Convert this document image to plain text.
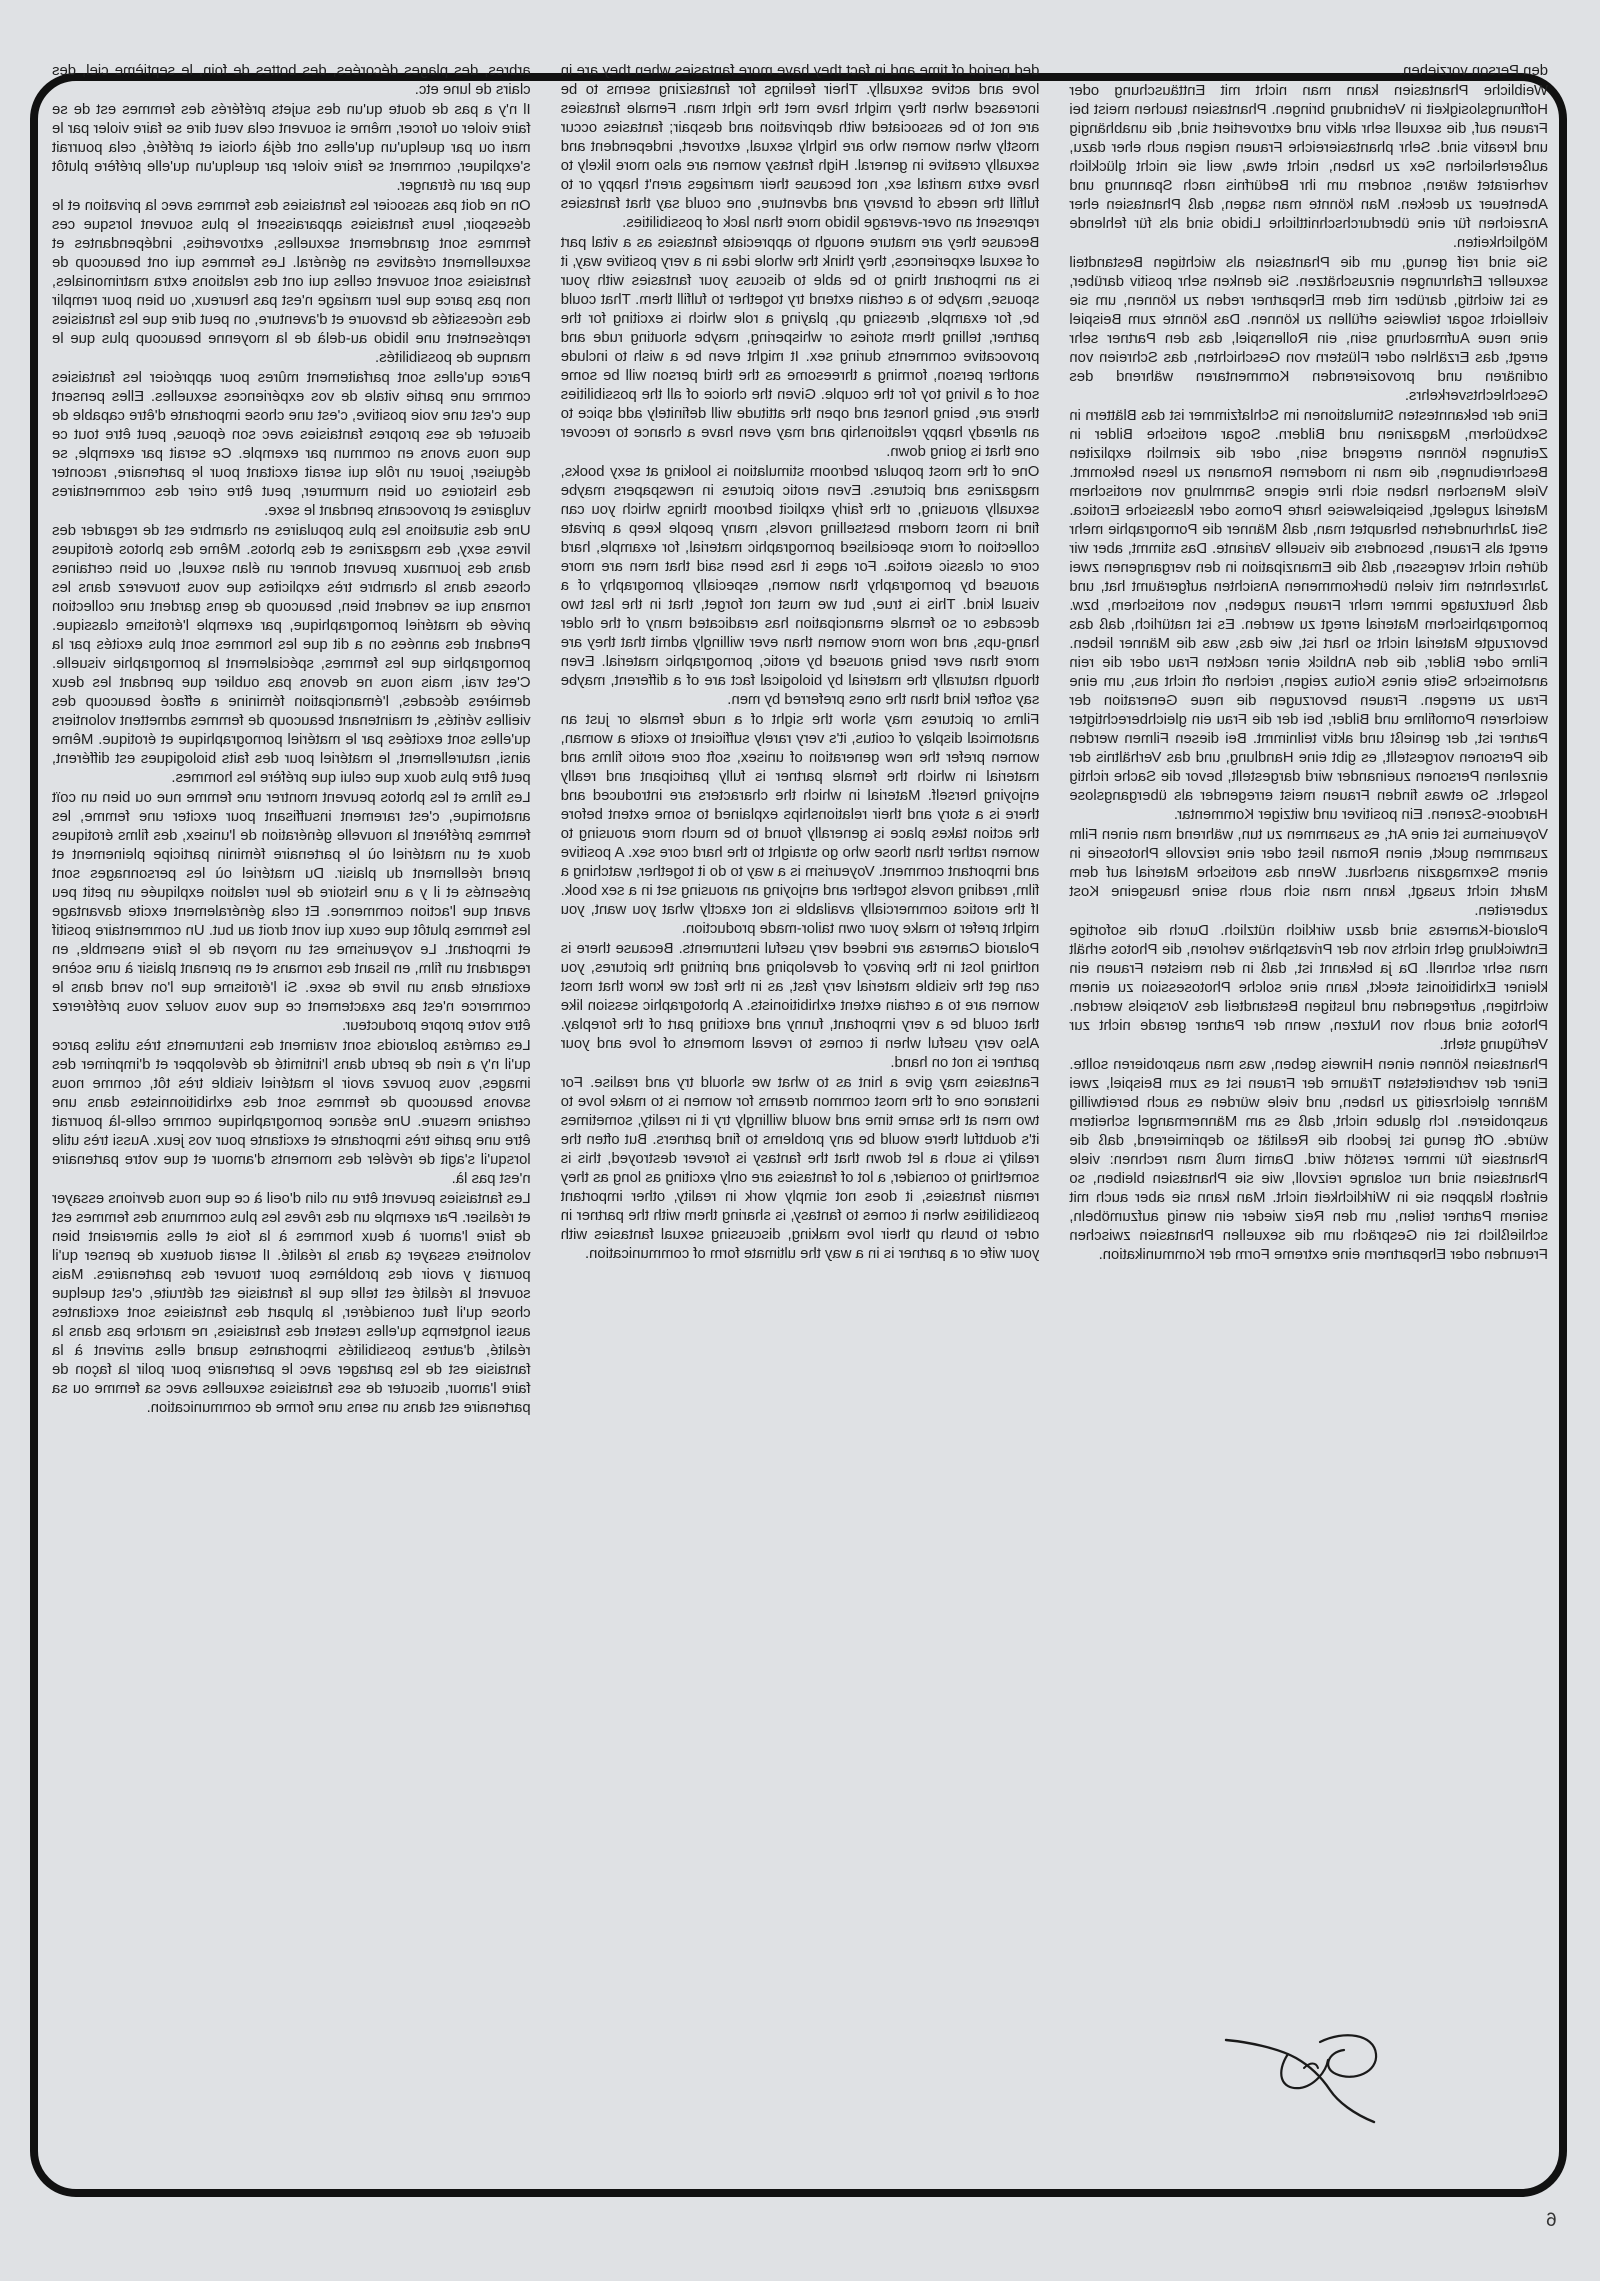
den Person vorziehen.

Weibliche Phantasien kann man nicht mit Enttäuschung oder Hoffnungslosigkeit in Verbindung bringen. Phantasien tauchen meist bei Frauen auf, die sexuell sehr aktiv und extrovertiert sind, die unabhängig und kreativ sind. Sehr phantasiereiche Frauen neigen auch eher dazu, außerehelichen Sex zu haben, nicht etwa, weil sie nicht glücklich verheiratet wären, sondern um ihr Bedürfnis nach Spannung und Abenteuer zu decken. Man könnte man sagen, daß Phantasien eher Anzeichen für eine überdurchschnittliche Libido sind als für fehlende Möglichkeiten.

Sie sind reif genug, um die Phantasien als wichtigen Bestandteil sexueller Erfahrungen einzuschätzen. Sie denken sehr positiv darüber, es ist wichtig, darüber mit dem Ehepartner reden zu können, um sie vielleicht sogar teilweise erfüllen zu können. Das könnte zum Beispiel eine neue Aufmachung sein, ein Rollenspiel, das den Partner sehr erregt, das Erzählen oder Flüstern von Geschichten, das Schreien von ordinären und provozierenden Kommentaren während des Geschlechtsverkehrs.

Eine der bekanntesten Stimulationen im Schlafzimmer ist das Blättern in Sexbüchern, Magazinen und Bildern. Sogar erotische Bilder in Zeitungen können erregend sein, oder die ziemlich expliziten Beschreibungen, die man in modernen Romanen zu lesen bekommt. Viele Menschen haben sich ihre eigene Sammlung von erotischem Material zugelegt, beispielsweise harte Pornos oder klassische Erotica. Seit Jahrhunderten behauptet man, daß Männer die Pornographie mehr erregt als Frauen, besonders die visuelle Variante. Das stimmt, aber wir dürfen nicht vergessen, daß die Emanzipation in den vergangenen zwei Jahrzehnten mit vielen überkommenen Ansichten aufgeräumt hat, und daß heutzutage immer mehr Frauen zugeben, von erotischem, bzw. pornographischem Material erregt zu werden. Es ist natürlich, daß das bevorzugte Material nicht so hart ist, wie das, was die Männer lieben. Filme oder Bilder, die den Anblick einer nackten Frau oder die rein anatomische Seite eines Koitus zeigen, reichen oft nicht aus, um eine Frau zu erregen. Frauen bevorzugen die neue Generation der weicheren Pornofilme und Bilder, bei der die Frau ein gleichberechtigter Partner ist, der genießt und aktiv teilnimmt. Bei diesen Filmen werden die Personen vorgestellt, es gibt eine Handlung, und das Verhältnis der einzelnen Personen zueinander wird dargestellt, bevor die Sache richtig losgeht. So etwas finden Frauen meist erregender als übergangslose Hardcore-Szenen. Ein positiver und witziger Kommentar.

Voyeurismus ist eine Art, es zusammen zu tun, während man einen Film zusammen guckt, einen Roman liest oder eine reizvolle Photoserie in einem Sexmagazin anschaut. Wenn das erotische Material auf dem Markt nicht zusagt, kann man sich auch seine hausgeine Kost zubereiten.

Polaroid-Kameras sind dazu wirklich nützlich. Durch die sofortige Entwicklung geht nichts von der Privatsphäre verloren, die Photos erhält man sehr schnell. Da ja bekannt ist, daß in den meisten Frauen ein kleiner Exhibitionist steckt, kann eine solche Photosession zu einem wichtigen, aufregenden und lustigen Bestandteil des Vorspiels werden. Photos sind auch von Nutzen, wenn der Partner gerade nicht zur Verfügung steht.

Phantasien können einen Hinweis geben, was man ausprobieren sollte. Einer der verbreitetsten Träume der Frauen ist es zum Beispiel, zwei Männer gleichzeitig zu haben, und viele würden es auch bereitwillig ausprobieren. Ich glaube nicht, daß es am Männermangel scheitern würde. Oft genug ist jedoch die Realität so deprimierend, daß die Phantasie für immer zerstört wird. Damit muß man rechnen: viele Phantasien sind nur solange reizvoll, wie sie Phantasien bleiben, so einfach klappen sie in Wirklichkeit nicht. Man kann sie aber auch mit seinem Partner teilen, um den Reiz wieder ein wenig aufzumöbeln, schließlich ist ein Gespräch um die sexuellen Phantasien zwischen Freunden oder Ehepartnern eine extreme Form der Kommunikation.

ded period of time and in fact they have more fantasies when they are in love and active sexually. Their feelings for fantasizing seems to be increased when they might have met the right man. Female fantasies are not to be associated with deprivation and despair; fantasies occur mostly when women who are highly sexual, extrovert, independent and sexually creative in general. High fantasy women are also more likely to have extra marital sex, not because their marriages aren't happy or to fulfill the needs of bravery and adventure, one could say that fantasies represent an over-average libido more than lack of possibilities.

Because they are mature enough to appreciate fantasies as a vital part of sexual experiences, they think the whole idea in a very positive way, it is an important thing to be able to discuss your fantasies with your spouse, maybe to a certain extend try together to fulfill them. That could be, for example, dressing up, playing a role which is exciting for the partner, telling them stories or whispering, maybe shouting rude and provocative comments during sex. It might even be a wish to include another person, forming a threesome as the third person will be some sort of a living toy for the couple. Given the choice of all the possibilities there are, being honest and open the attitude will definitely add spice to an already happy relationship and may even have a chance to recover one that is going down.

One of the most popular bedroom stimulation is looking at sexy books, magazines and pictures. Even erotic pictures in newspapers maybe sexually arousing, or the fairly explicit bedroom things which you can find in most modern bestselling novels, many people keep a private collection of more specialised pornographic material, for example, hard core or classic erotica. For ages it has been said that men are more aroused by pornography than women, especially pornography of a visual kind. This is true, but we must not forget, that in the last two decades or so female emancipation has eradicated many of the older hang-ups, and now more women than ever willingly admit that they are more than ever being aroused by erotic, pornographic material. Even though naturally the material by biological fact are of a different, maybe say softer kind than the ones preferred by men.

Films or pictures may show the sight of a nude female or just an anatomical display of coitus, it's very rarely sufficient to excite a woman, women prefer the new generation of unisex, soft core erotic films and material in which the female partner is fully participant and really enjoying herself. Material in which the characters are introduced and there is a story and their relationships explained to some extent before the action takes place is generally found to be much more arousing to women rather than those who go straight to the hard core sex. A positive and important comment. Voyeurism is a way to do it together, watching a film, reading novels together and enjoying an arousing set in a sex book. If the erotica commercially available is not exactly what you want, you might prefer to make your own tailor-made production.

Polaroid Cameras are indeed very useful instruments. Because there is nothing lost in the privacy of developing and printing the pictures, you can get the visible material very fast, as in the fact we know that most women are to a certain extent exhibitionists. A photographic session like that could be a very important, funny and exciting part of the foreplay. Also very useful when it comes to reveal moments of love and your partner is not on hand.

Fantasies may give a hint as to what we should try and realise. For instance one of the most common dreams for women is to make love to two men at the same time and would willingly try it in reality, sometimes it's doubtful there would be any problems to find partners. But often the reality is such a let down that the fantasy is forever destroyed, this is something to consider, a lot of fantasies are only exciting as long as they remain fantasies, it does not simply work in reality, other important possibilities when it comes to fantasy, is sharing them with the partner in order to brush up their love making, discussing sexual fantasies with your wife or a partner is in a way the ultimate form of communication.

arbres, des plages décorées, des bottes de foin, le septième ciel, des clairs de lune etc.

Il n'y a pas de doute qu'un des sujets préférés des femmes est de se faire violer ou forcer, même si souvent cela veut dire se faire violer par le mari ou par quelqu'un qu'elles ont déjà choisi et préféré, cela pourrait s'expliquer, comment se faire violer par quelqu'un qu'elle préfère plutôt que par un étranger.

On ne doit pas associer les fantaisies des femmes avec la privation et le désespoir, leurs fantaisies apparaissent le plus souvent lorsque ces femmes sont grandement sexuelles, extroverties, indépendantes et sexuellement créatives en général. Les femmes qui ont beaucoup de fantaisies sont souvent celles qui ont des relations extra matrimoniales, non pas parce que leur mariage n'est pas heureux, ou bien pour remplir des nécessités de bravoure et d'aventure, on peut dire que les fantaisies représentent une libido au-delà de la moyenne beaucoup plus que le manque de possibilités.

Parce qu'elles sont parfaitement mûres pour apprécier les fantaisies comme une partie vitale de vos expériences sexuelles. Elles pensent que c'est une voie positive, c'est une chose importante d'être capable de discuter de ses propres fantaisies avec son épouse, peut être tout ce que nous avons en commun par exemple. Ce serait par exemple, se déguiser, jouer un rôle qui serait excitant pour le partenaire, raconter des histoires ou bien murmurer, peut être crier des commentaires vulgaires et provocants pendant le sexe.

Une des situations les plus populaires en chambre est de regarder des livres sexy, des magazines et des photos. Même des photos érotiques dans des journaux peuvent donner un élan sexuel, ou bien certaines choses dans la chambre très explicites que vous trouverez dans les romans qui se vendent bien, beaucoup de gens gardent une collection privée de matériel pornographique, par exemple l'érotisme classique. Pendant des années on a dit que les hommes sont plus excités par la pornographie que les femmes, spécialement la pornographie visuelle. C'est vrai, mais nous ne devons pas oublier que pendant les deux dernières décades, l'émancipation féminine a effacé beaucoup des vieilles vérités, et maintenant beaucoup de femmes admettent volontiers qu'elles sont excitées par le matériel pornographique et érotique. Même ainsi, naturellement, le matériel pour des faits biologiques est différent, peut être plus doux que celui que préfère les hommes.

Les films et les photos peuvent montrer une femme nue ou bien un coït anatomique, c'est rarement insuffisant pour exciter une femme, les femmes préfèrent la nouvelle génération de l'unisex, des films érotiques doux et un matériel où le partenaire féminin participe pleinement et prend réellement du plaisir. Du matériel où les personnages sont présentés et il y a une histoire de leur relation expliquée un petit peu avant que l'action commence. Et cela généralement excite davantage les femmes plutôt que ceux qui vont droit au but. Un commentaire positif et important. Le voyeurisme est un moyen de le faire ensemble, en regardant un film, en lisant des romans et en prenant plaisir à une scène excitante dans un livre de sexe. Si l'érotisme que l'on vend dans le commerce n'est pas exactement ce que vous voulez vous préférerez être votre propre producteur.

Les caméras polaroids sont vraiment des instruments très utiles parce qu'il n'y a rien de perdu dans l'intimité de développer et d'imprimer des images, vous pouvez avoir le matériel visible très tôt, comme nous savons beaucoup de femmes sont des exhibitionnistes dans une certaine mesure. Une séance pornographique comme celle-là pourrait être une partie très importante et excitante pour vos jeux. Aussi très utile lorsqu'il s'agit de révéler des moments d'amour et que votre partenaire n'est pas là.

Les fantaisies peuvent être un clin d'oeil à ce que nous devrions essayer et réaliser. Par exemple un des rêves les plus communs des femmes est de faire l'amour à deux hommes à la fois et elles aimeraient bien volontiers essayer ça dans la réalité. Il serait douteux de penser qu'il pourrait y avoir des problèmes pour trouver des partenaires. Mais souvent la réalité est telle que la fantaisie est détruite, c'est quelque chose qu'il faut considérer, la plupart des fantaisies sont excitantes aussi longtemps qu'elles restent des fantaisies, ne marche pas dans la réalité, d'autres possibilités importantes quand elles arrivent à la fantaisie est de les partager avec le partenaire pour polir la façon de faire l'amour, discuter de ses fantaisies sexuelles avec sa femme ou sa partenaire est dans un sens une forme de communication.

6
